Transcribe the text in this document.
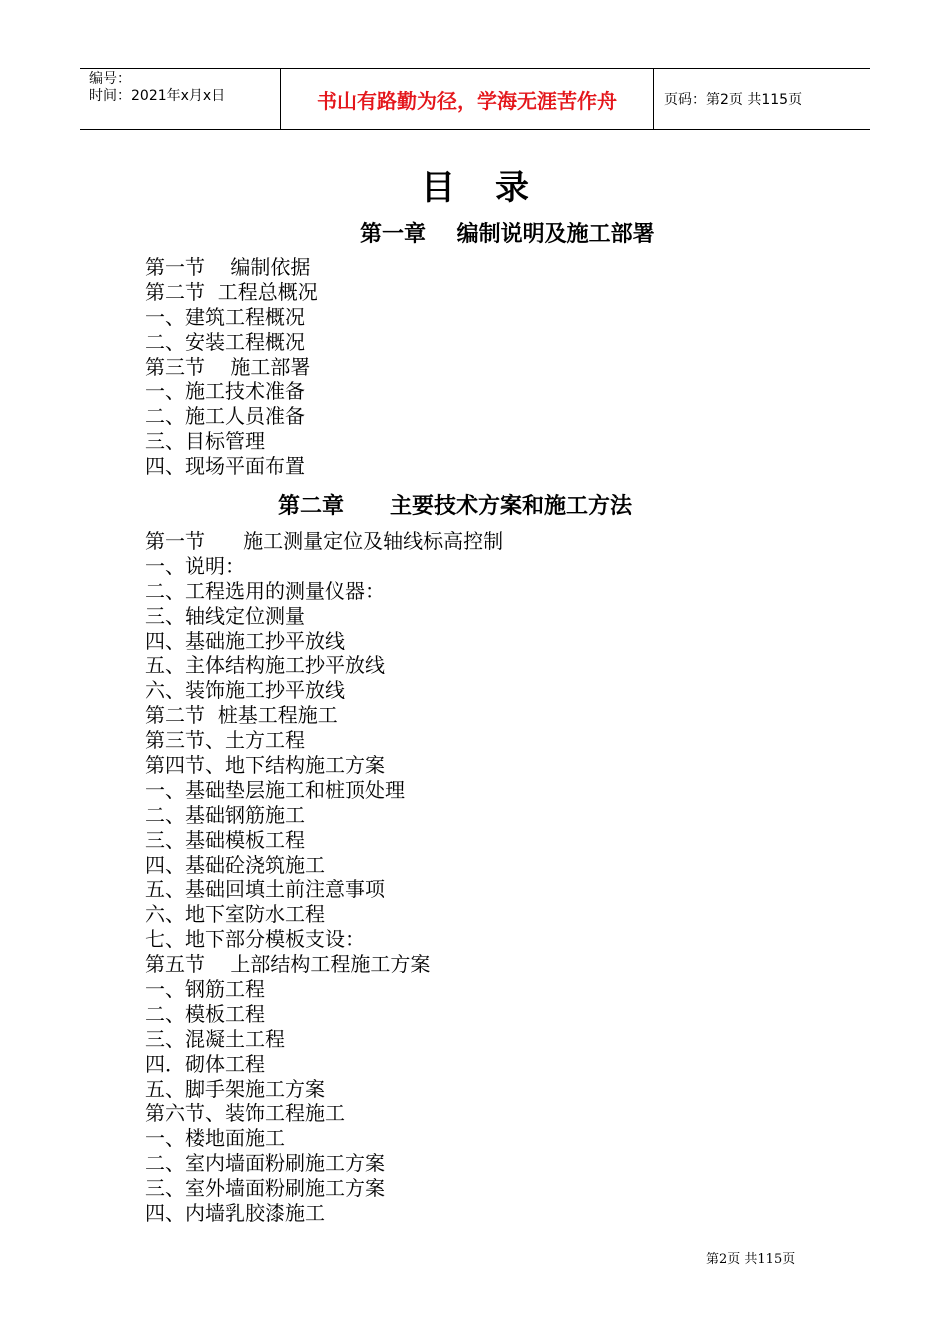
编号：
时间：2021年x月x日	书山有路勤为径，学海无涯苦作舟	页码：第2页 共115页
目录
第一章    编制说明及施工部署
第一节    编制依据
第二节  工程总概况
一、建筑工程概况
二、安装工程概况
第三节    施工部署
一、施工技术准备
二、施工人员准备
三、目标管理
四、现场平面布置
第二章      主要技术方案和施工方法
第一节      施工测量定位及轴线标高控制
一、说明：
二、工程选用的测量仪器：
三、轴线定位测量
四、基础施工抄平放线
五、主体结构施工抄平放线
六、装饰施工抄平放线
第二节  桩基工程施工
第三节、土方工程
第四节、地下结构施工方案
一、基础垫层施工和桩顶处理
二、基础钢筋施工
三、基础模板工程
四、基础砼浇筑施工
五、基础回填土前注意事项
六、地下室防水工程
七、地下部分模板支设：
第五节    上部结构工程施工方案
一、钢筋工程
二、模板工程
三、混凝土工程
四．砌体工程
五、脚手架施工方案
第六节、装饰工程施工
一、楼地面施工
二、室内墙面粉刷施工方案
三、室外墙面粉刷施工方案
四、内墙乳胶漆施工
第2页 共115页
